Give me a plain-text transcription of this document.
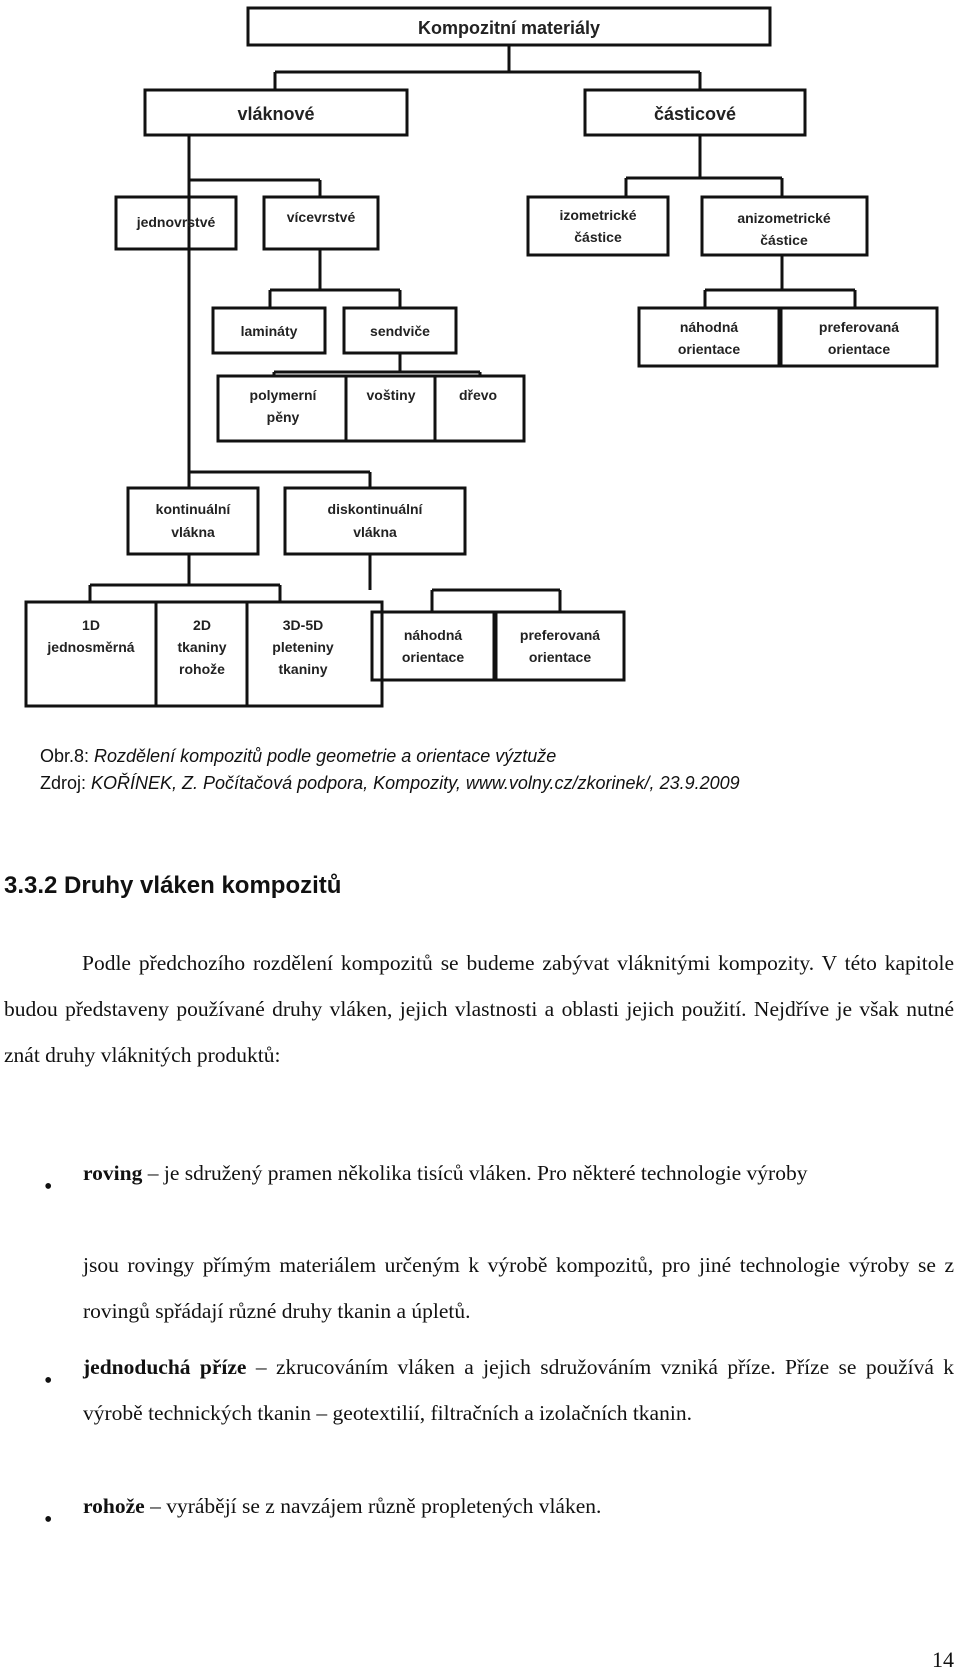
Kompozitní materiály
vláknové	částicové
jednovrstvé	vícevrstvé	izometrické
částice
anizometrické
částice
lamináty	sendviče	náhodná
orientace
preferovaná
orientace
polymerní
pěny
voštiny	dřevo
kontinuální
vlákna
diskontinuální
vlákna
1D
jednosměrná
2D
tkaniny
rohože
3D-5D
pleteniny
tkaniny
náhodná
orientace
preferovaná
orientace
Obr.8: Rozdělení kompozitů podle geometrie a orientace výztuže
Zdroj: KOŘÍNEK, Z. Počítačová podpora, Kompozity, www.volny.cz/zkorinek/, 23.9.2009
3.3.2 Druhy vláken kompozitů
Podle předchozího rozdělení kompozitů se budeme zabývat vláknitými kompozity. V této kapitole budou představeny používané druhy vláken, jejich vlastnosti a oblasti jejich použití. Nejdříve je však nutné znát druhy vláknitých produktů:
•
roving – je sdružený pramen několika tisíců vláken. Pro některé technologie výroby
jsou rovingy přímým materiálem určeným k výrobě kompozitů, pro jiné technologie výroby se z rovingů spřádají různé druhy tkanin a úpletů.
•
jednoduchá příze – zkrucováním vláken a jejich sdružováním vzniká příze. Příze se používá k výrobě technických tkanin – geotextilií, filtračních a izolačních tkanin.
•
rohože – vyrábějí se z navzájem různě propletených vláken.
14
